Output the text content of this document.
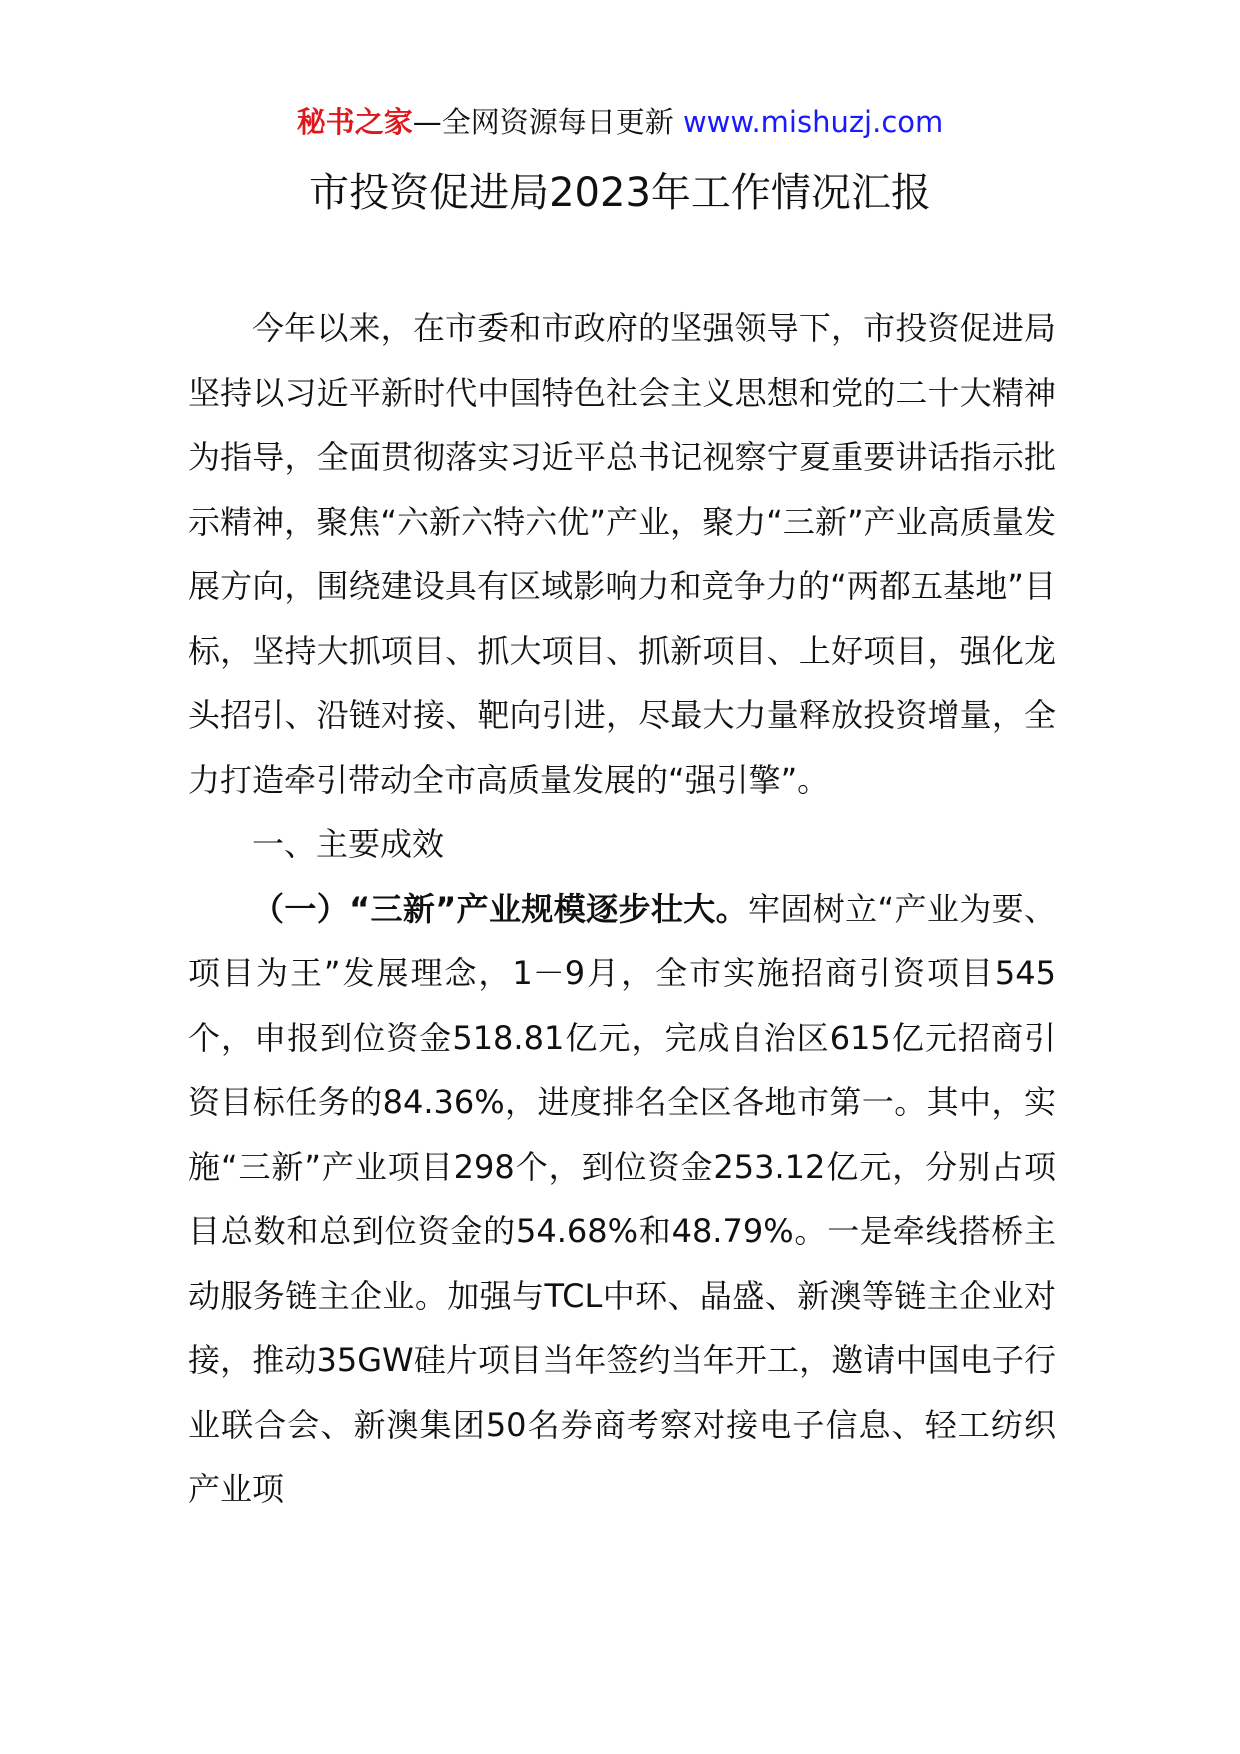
秘书之家—全网资源每日更新 www.mishuzj.com
市投资促进局2023年工作情况汇报

今年以来，在市委和市政府的坚强领导下，市投资促进局坚持以习近平新时代中国特色社会主义思想和党的二十大精神为指导，全面贯彻落实习近平总书记视察宁夏重要讲话指示批示精神，聚焦“六新六特六优”产业，聚力“三新”产业高质量发展方向，围绕建设具有区域影响力和竞争力的“两都五基地”目标，坚持大抓项目、抓大项目、抓新项目、上好项目，强化龙头招引、沿链对接、靶向引进，尽最大力量释放投资增量，全力打造牵引带动全市高质量发展的“强引擎”。

一、主要成效

（一）“三新”产业规模逐步壮大。牢固树立“产业为要、项目为王”发展理念，1－9月，全市实施招商引资项目545个，申报到位资金518.81亿元，完成自治区615亿元招商引资目标任务的84.36%，进度排名全区各地市第一。其中，实施“三新”产业项目298个，到位资金253.12亿元，分别占项目总数和总到位资金的54.68%和48.79%。一是牵线搭桥主动服务链主企业。加强与TCL中环、晶盛、新澳等链主企业对接，推动35GW硅片项目当年签约当年开工，邀请中国电子行业联合会、新澳集团50名券商考察对接电子信息、轻工纺织产业项
